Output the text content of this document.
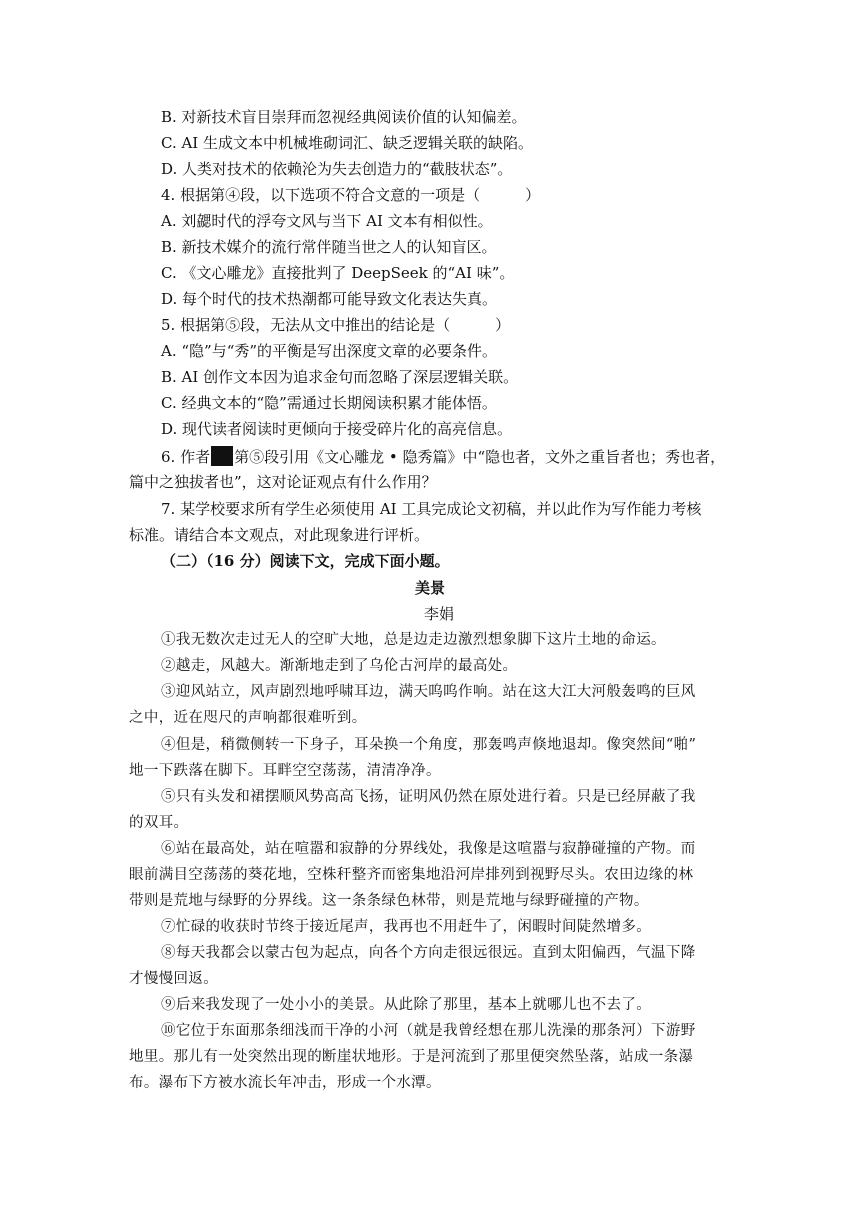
B. 对新技术盲目崇拜而忽视经典阅读价值的认知偏差。
C. AI 生成文本中机械堆砌词汇、缺乏逻辑关联的缺陷。
D. 人类对技术的依赖沦为失去创造力的“截肢状态”。
4. 根据第④段，以下选项不符合文意的一项是（　　　）
A. 刘勰时代的浮夸文风与当下 AI 文本有相似性。
B. 新技术媒介的流行常伴随当世之人的认知盲区。
C. 《文心雕龙》直接批判了 DeepSeek 的“AI 味”。
D. 每个时代的技术热潮都可能导致文化表达失真。
5. 根据第⑤段，无法从文中推出的结论是（　　　）
A. “隐”与“秀”的平衡是写出深度文章的必要条件。
B. AI 创作文本因为追求金句而忽略了深层逻辑关联。
C. 经典文本的“隐”需通过长期阅读积累才能体悟。
D. 现代读者阅读时更倾向于接受碎片化的高亮信息。
6. 作者 第⑤段引用《文心雕龙 • 隐秀篇》中“隐也者，文外之重旨者也；秀也者，
篇中之独拔者也”，这对论证观点有什么作用？
7. 某学校要求所有学生必须使用 AI 工具完成论文初稿，并以此作为写作能力考核
标准。请结合本文观点，对此现象进行评析。
（二）（16 分）阅读下文，完成下面小题。
美景
李娟
①我无数次走过无人的空旷大地，总是边走边激烈想象脚下这片土地的命运。
②越走，风越大。渐渐地走到了乌伦古河岸的最高处。
③迎风站立，风声剧烈地呼啸耳边，满天呜呜作响。站在这大江大河般轰鸣的巨风
之中，近在咫尺的声响都很难听到。
④但是，稍微侧转一下身子，耳朵换一个角度，那轰鸣声倏地退却。像突然间“啪”
地一下跌落在脚下。耳畔空空荡荡，清清净净。
⑤只有头发和裙摆顺风势高高飞扬，证明风仍然在原处进行着。只是已经屏蔽了我
的双耳。
⑥站在最高处，站在喧嚣和寂静的分界线处，我像是这喧嚣与寂静碰撞的产物。而
眼前满目空荡荡的葵花地，空株秆整齐而密集地沿河岸排列到视野尽头。农田边缘的林
带则是荒地与绿野的分界线。这一条条绿色林带，则是荒地与绿野碰撞的产物。
⑦忙碌的收获时节终于接近尾声，我再也不用赶牛了，闲暇时间陡然增多。
⑧每天我都会以蒙古包为起点，向各个方向走很远很远。直到太阳偏西，气温下降
才慢慢回返。
⑨后来我发现了一处小小的美景。从此除了那里，基本上就哪儿也不去了。
⑩它位于东面那条细浅而干净的小河（就是我曾经想在那儿洗澡的那条河）下游野
地里。那儿有一处突然出现的断崖状地形。于是河流到了那里便突然坠落，站成一条瀑
布。瀑布下方被水流长年冲击，形成一个水潭。
